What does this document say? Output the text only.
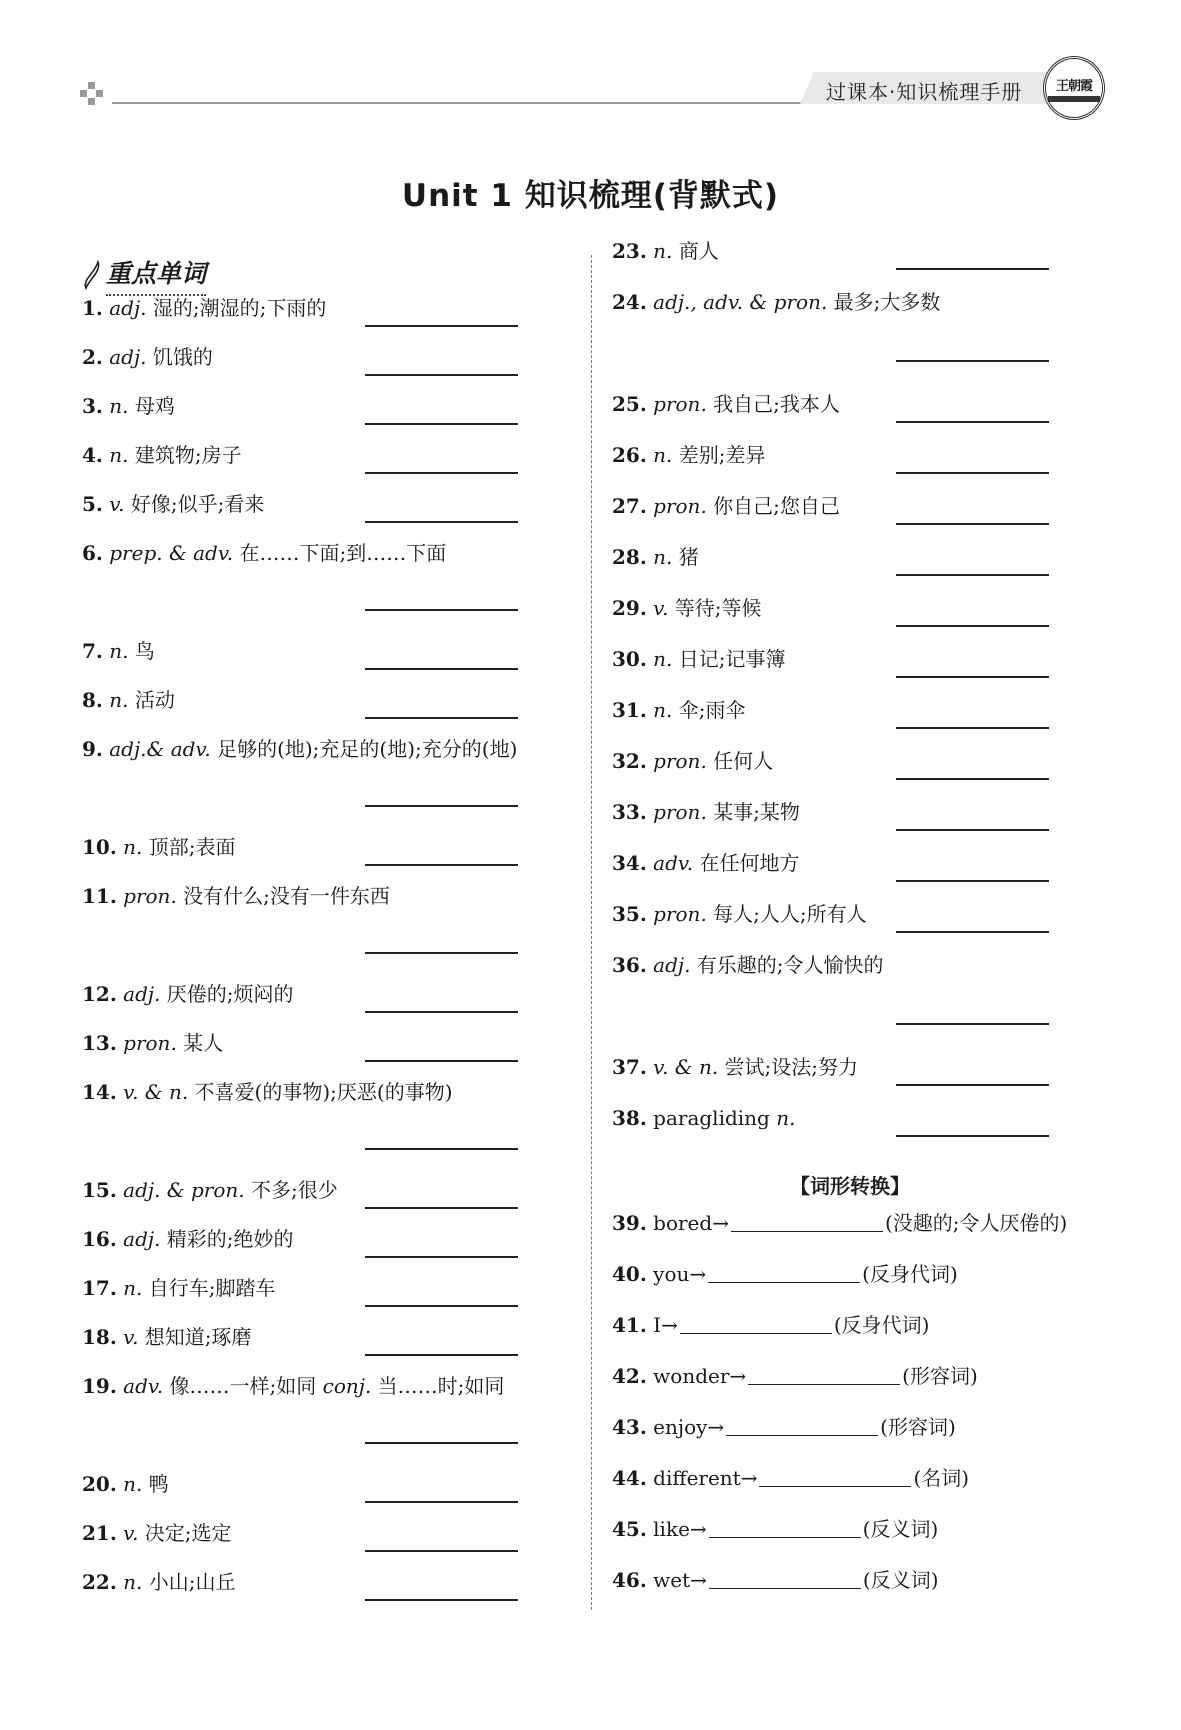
过课本·知识梳理手册	王朝霞
Unit 1 知识梳理(背默式)
重点单词
1. adj. 湿的;潮湿的;下雨的
2. adj. 饥饿的
3. n. 母鸡
4. n. 建筑物;房子
5. v. 好像;似乎;看来
6. prep. & adv. 在……下面;到……下面
7. n. 鸟
8. n. 活动
9. adj.& adv. 足够的(地);充足的(地);充分的(地)
10. n. 顶部;表面
11. pron. 没有什么;没有一件东西
12. adj. 厌倦的;烦闷的
13. pron. 某人
14. v. & n. 不喜爱(的事物);厌恶(的事物)
15. adj. & pron. 不多;很少
16. adj. 精彩的;绝妙的
17. n. 自行车;脚踏车
18. v. 想知道;琢磨
19. adv. 像……一样;如同 conj. 当……时;如同
20. n. 鸭
21. v. 决定;选定
22. n. 小山;山丘
23. n. 商人
24. adj., adv. & pron. 最多;大多数
25. pron. 我自己;我本人
26. n. 差别;差异
27. pron. 你自己;您自己
28. n. 猪
29. v. 等待;等候
30. n. 日记;记事簿
31. n. 伞;雨伞
32. pron. 任何人
33. pron. 某事;某物
34. adv. 在任何地方
35. pron. 每人;人人;所有人
36. adj. 有乐趣的;令人愉快的
37. v. & n. 尝试;设法;努力
38. paragliding n.
【词形转换】
39. bored→	(没趣的;令人厌倦的)
40. you→	(反身代词)
41. I→	(反身代词)
42. wonder→	(形容词)
43. enjoy→	(形容词)
44. different→	(名词)
45. like→	(反义词)
46. wet→	(反义词)
